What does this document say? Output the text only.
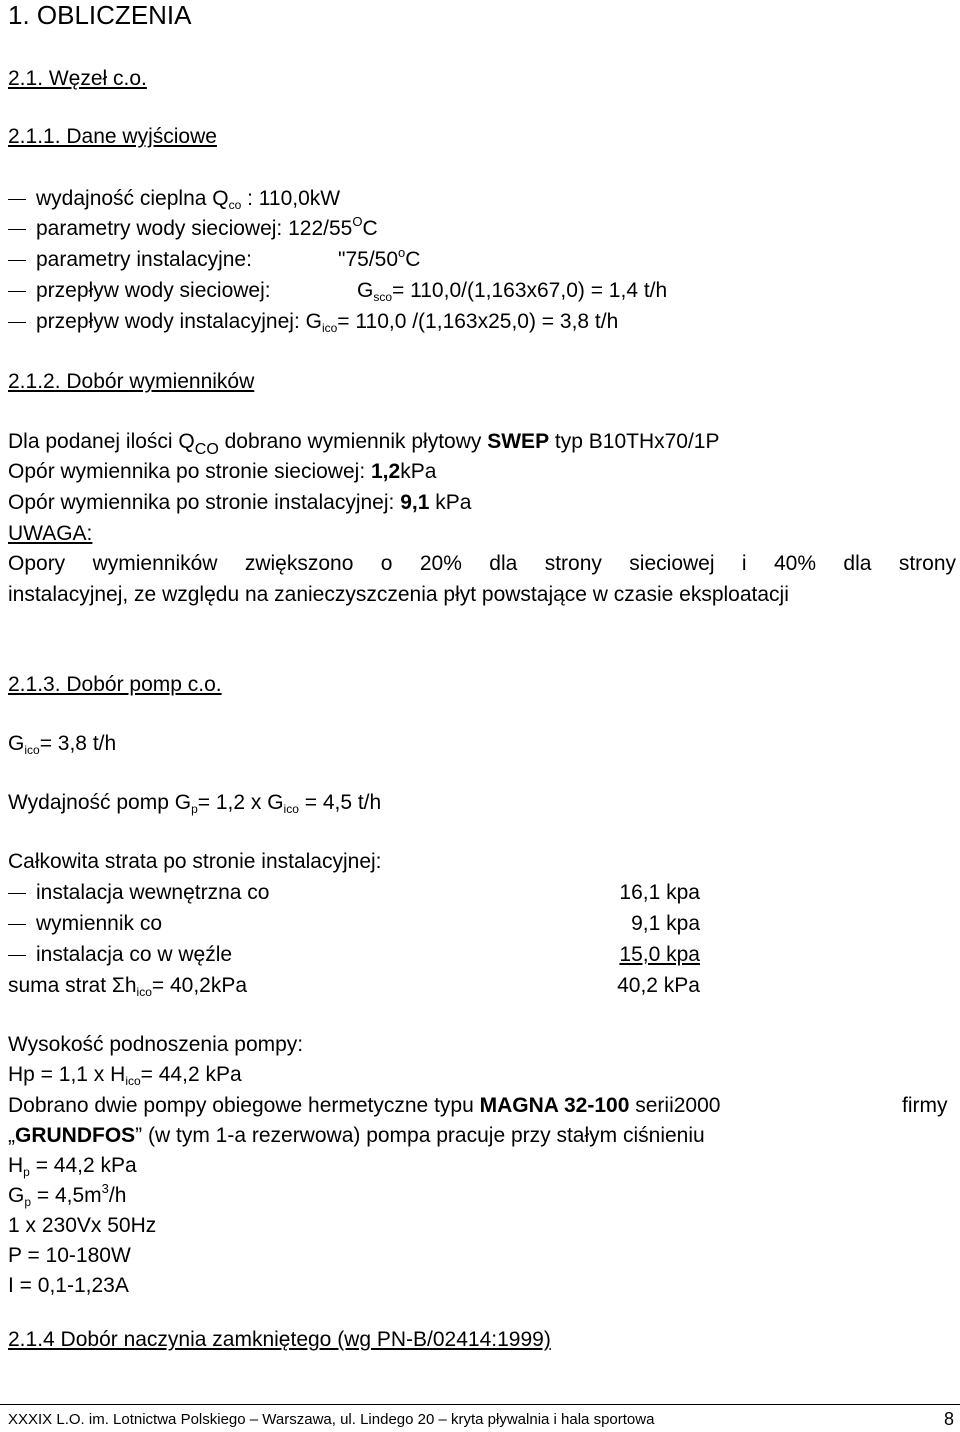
1. OBLICZENIA
2.1. Węzeł c.o.
2.1.1. Dane wyjściowe
wydajność cieplna $Q_{co}$ : 110,0kW
parametry wody sieciowej: $122/55^OC$
parametry instalacyjne:	"75/50$^o$C
przepływ wody sieciowej:	$G_{sco}= 110,0/(1,163x67,0) = 1,4$ t/h
przepływ wody instalacyjnej: $G_{ico}= 110,0$ /(1,163x25,0) = 3,8 t/h
2.1.2. Dobór wymienników
Dla podanej ilości $Q_{CO}$ dobrano wymiennik płytowy SWEP typ B10THx70/1P
Opór wymiennika po stronie sieciowej: 1,2kPa
Opór wymiennika po stronie instalacyjnej: 9,1 kPa
UWAGA:
Opory wymienników zwiększono o 20% dla strony sieciowej i 40% dla strony
instalacyjnej, ze względu na zanieczyszczenia płyt powstające w czasie eksploatacji
2.1.3. Dobór pomp c.o.
$G_{ico}= 3,8$ t/h
Wydajność pomp $G_p= 1,2$ x $G_{ico} = 4,5$ t/h
Całkowita strata po stronie instalacyjnej:
instalacja wewnętrzna co	16,1 kpa
wymiennik co	9,1 kpa
instalacja co w węźle	15,0 kpa
suma strat $\Sigma h_{ico}= 40,2kPa$	40,2 kPa
Wysokość podnoszenia pompy:
Hp = 1,1 x $H_{ico}= 44,2$ kPa
Dobrano dwie pompy obiegowe hermetyczne typu MAGNA 32-100 serii2000	firmy
„GRUNDFOS” (w tym 1-a rezerwowa) pompa pracuje przy stałym ciśnieniu
$H_p = 44,2$ kPa
$G_p = 4,5m^3/h$
1 x 230Vx 50Hz
P = 10-180W
I = 0,1-1,23A
2.1.4 Dobór naczynia zamkniętego (wg PN-B/02414:1999)
XXXIX L.O. im. Lotnictwa Polskiego – Warszawa, ul. Lindego 20 – kryta pływalnia i hala sportowa	8
